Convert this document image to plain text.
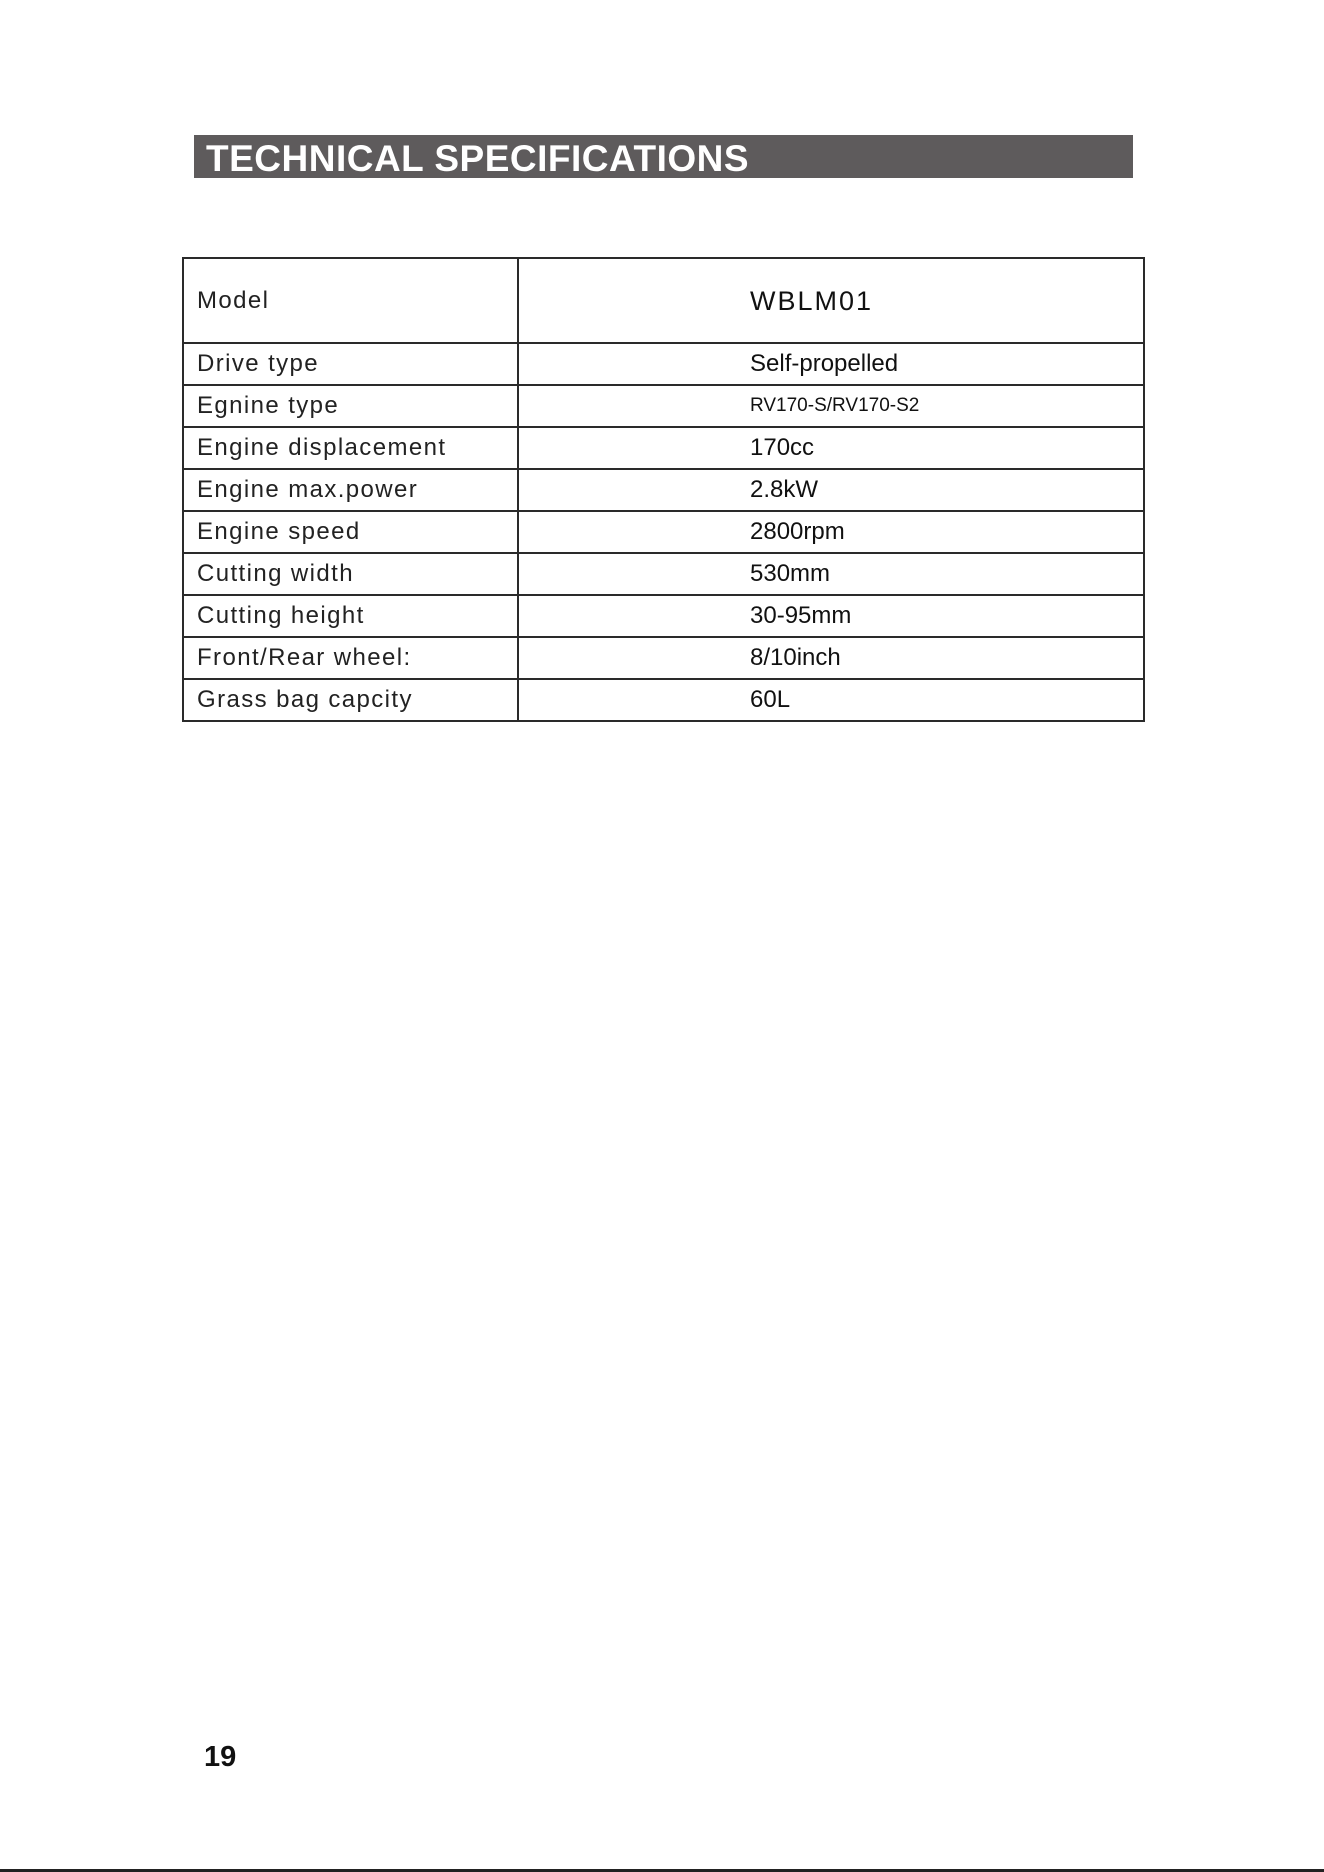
TECHNICAL SPECIFICATIONS
Model	WBLM01
Drive type	Self-propelled
Egnine type	RV170-S/RV170-S2
Engine displacement	170cc
Engine max.power	2.8kW
Engine speed	2800rpm
Cutting width	530mm
Cutting height	30-95mm
Front/Rear wheel:	8/10inch
Grass bag capcity	60L
19
